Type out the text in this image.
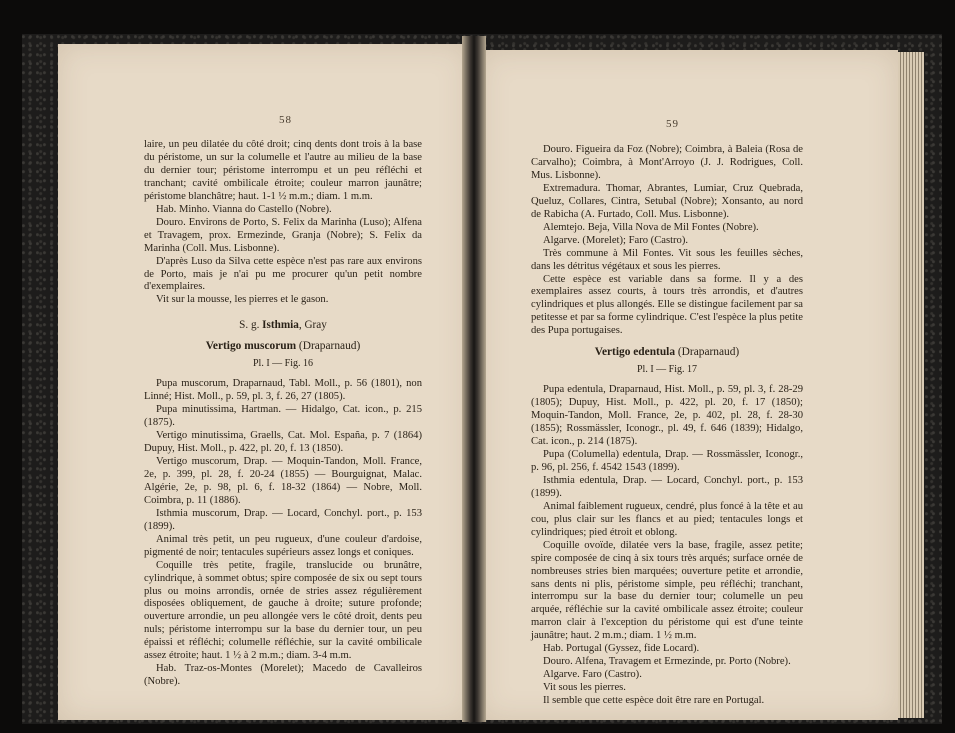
58	59

laire, un peu dilatée du côté droit; cinq dents dont trois à la base du péristome, un sur la columelle et l'autre au milieu de la base du dernier tour; péristome interrompu et un peu réfléchi et tranchant; cavité ombilicale étroite; couleur marron jaunâtre; péristome blanchâtre; haut. 1-1 ½ m.m.; diam. 1 m.m.

Hab. Minho. Vianna do Castello (Nobre).

Douro. Environs de Porto, S. Felix da Marinha (Luso); Alfena et Travagem, prox. Ermezinde, Granja (Nobre); S. Felix da Marinha (Coll. Mus. Lisbonne).

D'après Luso da Silva cette espèce n'est pas rare aux environs de Porto, mais je n'ai pu me procurer qu'un petit nombre d'exemplaires.

Vit sur la mousse, les pierres et le gason.

S. g. Isthmia, Gray

Vertigo muscorum (Draparnaud)

Pl. I — Fig. 16

Pupa muscorum, Draparnaud, Tabl. Moll., p. 56 (1801), non Linné; Hist. Moll., p. 59, pl. 3, f. 26, 27 (1805).

Pupa minutissima, Hartman. — Hidalgo, Cat. icon., p. 215 (1875).

Vertigo minutissima, Graells, Cat. Mol. España, p. 7 (1864) Dupuy, Hist. Moll., p. 422, pl. 20, f. 13 (1850).

Vertigo muscorum, Drap. — Moquin-Tandon, Moll. France, 2e, p. 399, pl. 28, f. 20-24 (1855) — Bourguignat, Malac. Algérie, 2e, p. 98, pl. 6, f. 18-32 (1864) — Nobre, Moll. Coimbra, p. 11 (1886).

Isthmia muscorum, Drap. — Locard, Conchyl. port., p. 153 (1899).

Animal très petit, un peu rugueux, d'une couleur d'ardoise, pigmenté de noir; tentacules supérieurs assez longs et coniques.

Coquille très petite, fragile, translucide ou brunâtre, cylindrique, à sommet obtus; spire composée de six ou sept tours plus ou moins arrondis, ornée de stries assez régulièrement disposées obliquement, de gauche à droite; suture profonde; ouverture arrondie, un peu allongée vers le côté droit, dents peu nuls; péristome interrompu sur la base du dernier tour, un peu épaissi et réfléchi; columelle réfléchie, sur la cavité ombilicale assez étroite; haut. 1 ½ à 2 m.m.; diam. 3-4 m.m.

Hab. Traz-os-Montes (Morelet); Macedo de Cavalleiros (Nobre).

Douro. Figueira da Foz (Nobre); Coimbra, à Baleia (Rosa de Carvalho); Coimbra, à Mont'Arroyo (J. J. Rodrigues, Coll. Mus. Lisbonne).

Extremadura. Thomar, Abrantes, Lumiar, Cruz Quebrada, Queluz, Collares, Cintra, Setubal (Nobre); Xonsanto, au nord de Rabicha (A. Furtado, Coll. Mus. Lisbonne).

Alemtejo. Beja, Villa Nova de Mil Fontes (Nobre).

Algarve. (Morelet); Faro (Castro).

Très commune à Mil Fontes. Vit sous les feuilles sèches, dans les détritus végétaux et sous les pierres.

Cette espèce est variable dans sa forme. Il y a des exemplaires assez courts, à tours très arrondis, et d'autres cylindriques et plus allongés. Elle se distingue facilement par sa petitesse et par sa forme cylindrique. C'est l'espèce la plus petite des Pupa portugaises.

Vertigo edentula (Draparnaud)

Pl. I — Fig. 17

Pupa edentula, Draparnaud, Hist. Moll., p. 59, pl. 3, f. 28-29 (1805); Dupuy, Hist. Moll., p. 422, pl. 20, f. 17 (1850); Moquin-Tandon, Moll. France, 2e, p. 402, pl. 28, f. 28-30 (1855); Rossmässler, Iconogr., pl. 49, f. 646 (1839); Hidalgo, Cat. icon., p. 214 (1875).

Pupa (Columella) edentula, Drap. — Rossmässler, Iconogr., p. 96, pl. 256, f. 4542 1543 (1899).

Isthmia edentula, Drap. — Locard, Conchyl. port., p. 153 (1899).

Animal faiblement rugueux, cendré, plus foncé à la tête et au cou, plus clair sur les flancs et au pied; tentacules longs et cylindriques; pied étroit et oblong.

Coquille ovoïde, dilatée vers la base, fragile, assez petite; spire composée de cinq à six tours très arqués; surface ornée de nombreuses stries bien marquées; ouverture petite et arrondie, sans dents ni plis, péristome simple, peu réfléchi; tranchant, interrompu sur la base du dernier tour; columelle un peu arquée, réfléchie sur la cavité ombilicale assez étroite; couleur marron clair à l'exception du péristome qui est d'une teinte jaunâtre; haut. 2 m.m.; diam. 1 ½ m.m.

Hab. Portugal (Gyssez, fide Locard).

Douro. Alfena, Travagem et Ermezinde, pr. Porto (Nobre).

Algarve. Faro (Castro).

Vit sous les pierres.

Il semble que cette espèce doit être rare en Portugal.
